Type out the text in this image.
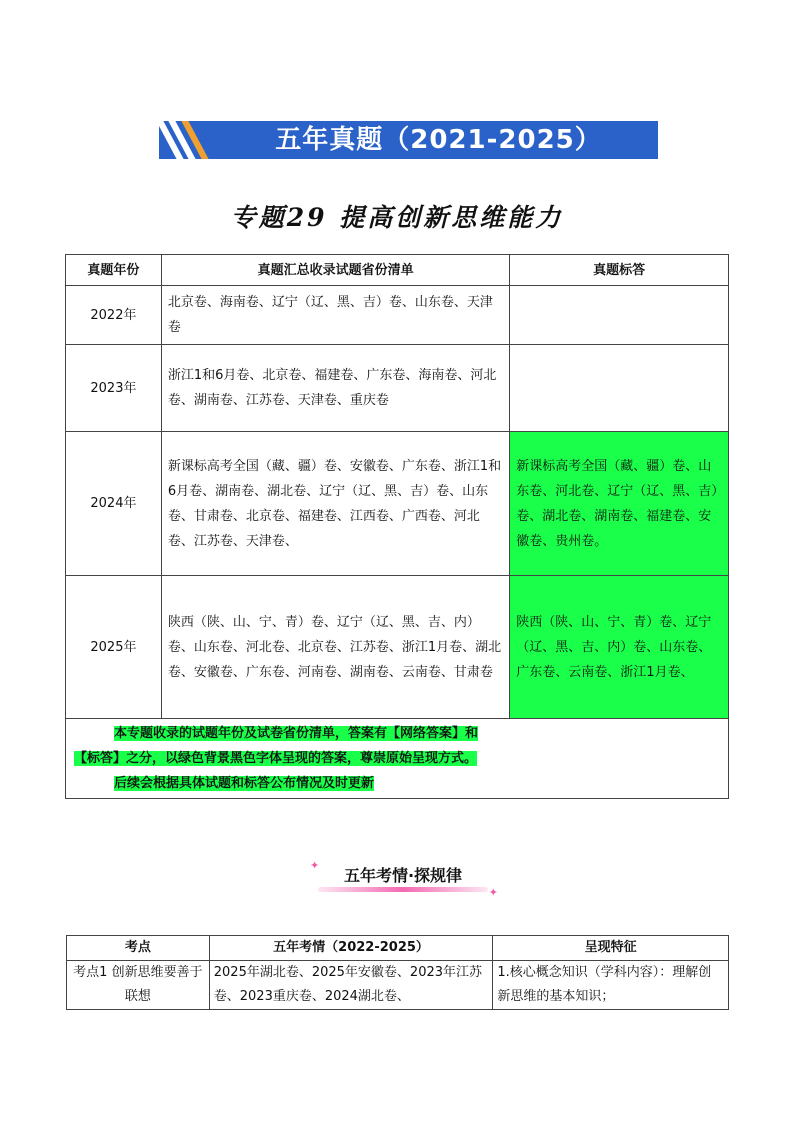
五年真题（2021-2025）
专题29 提高创新思维能力
真题年份	真题汇总收录试题省份清单	真题标答
2022年	北京卷、海南卷、辽宁（辽、黑、吉）卷、山东卷、天津卷	
2023年	浙江1和6月卷、北京卷、福建卷、广东卷、海南卷、河北卷、湖南卷、江苏卷、天津卷、重庆卷	
2024年	新课标高考全国（藏、疆）卷、安徽卷、广东卷、浙江1和6月卷、湖南卷、湖北卷、辽宁（辽、黑、吉）卷、山东卷、甘肃卷、北京卷、福建卷、江西卷、广西卷、河北卷、江苏卷、天津卷、	新课标高考全国（藏、疆）卷、山东卷、河北卷、辽宁（辽、黑、吉）卷、湖北卷、湖南卷、福建卷、安徽卷、贵州卷。
2025年	陕西（陕、山、宁、青）卷、辽宁（辽、黑、吉、内）卷、山东卷、河北卷、北京卷、江苏卷、浙江1月卷、湖北卷、安徽卷、广东卷、河南卷、湖南卷、云南卷、甘肃卷	陕西（陕、山、宁、青）卷、辽宁（辽、黑、吉、内）卷、山东卷、广东卷、云南卷、浙江1月卷、
本专题收录的试题年份及试卷省份清单，答案有【网络答案】和
【标答】之分，以绿色背景黑色字体呈现的答案，尊崇原始呈现方式。
后续会根据具体试题和标答公布情况及时更新		
五年考情·探规律
✦
✦
考点	五年考情（2022-2025）	呈现特征
考点1 创新思维要善于联想	2025年湖北卷、2025年安徽卷、2023年江苏卷、2023重庆卷、2024湖北卷、	1.核心概念知识（学科内容）：理解创新思维的基本知识；
